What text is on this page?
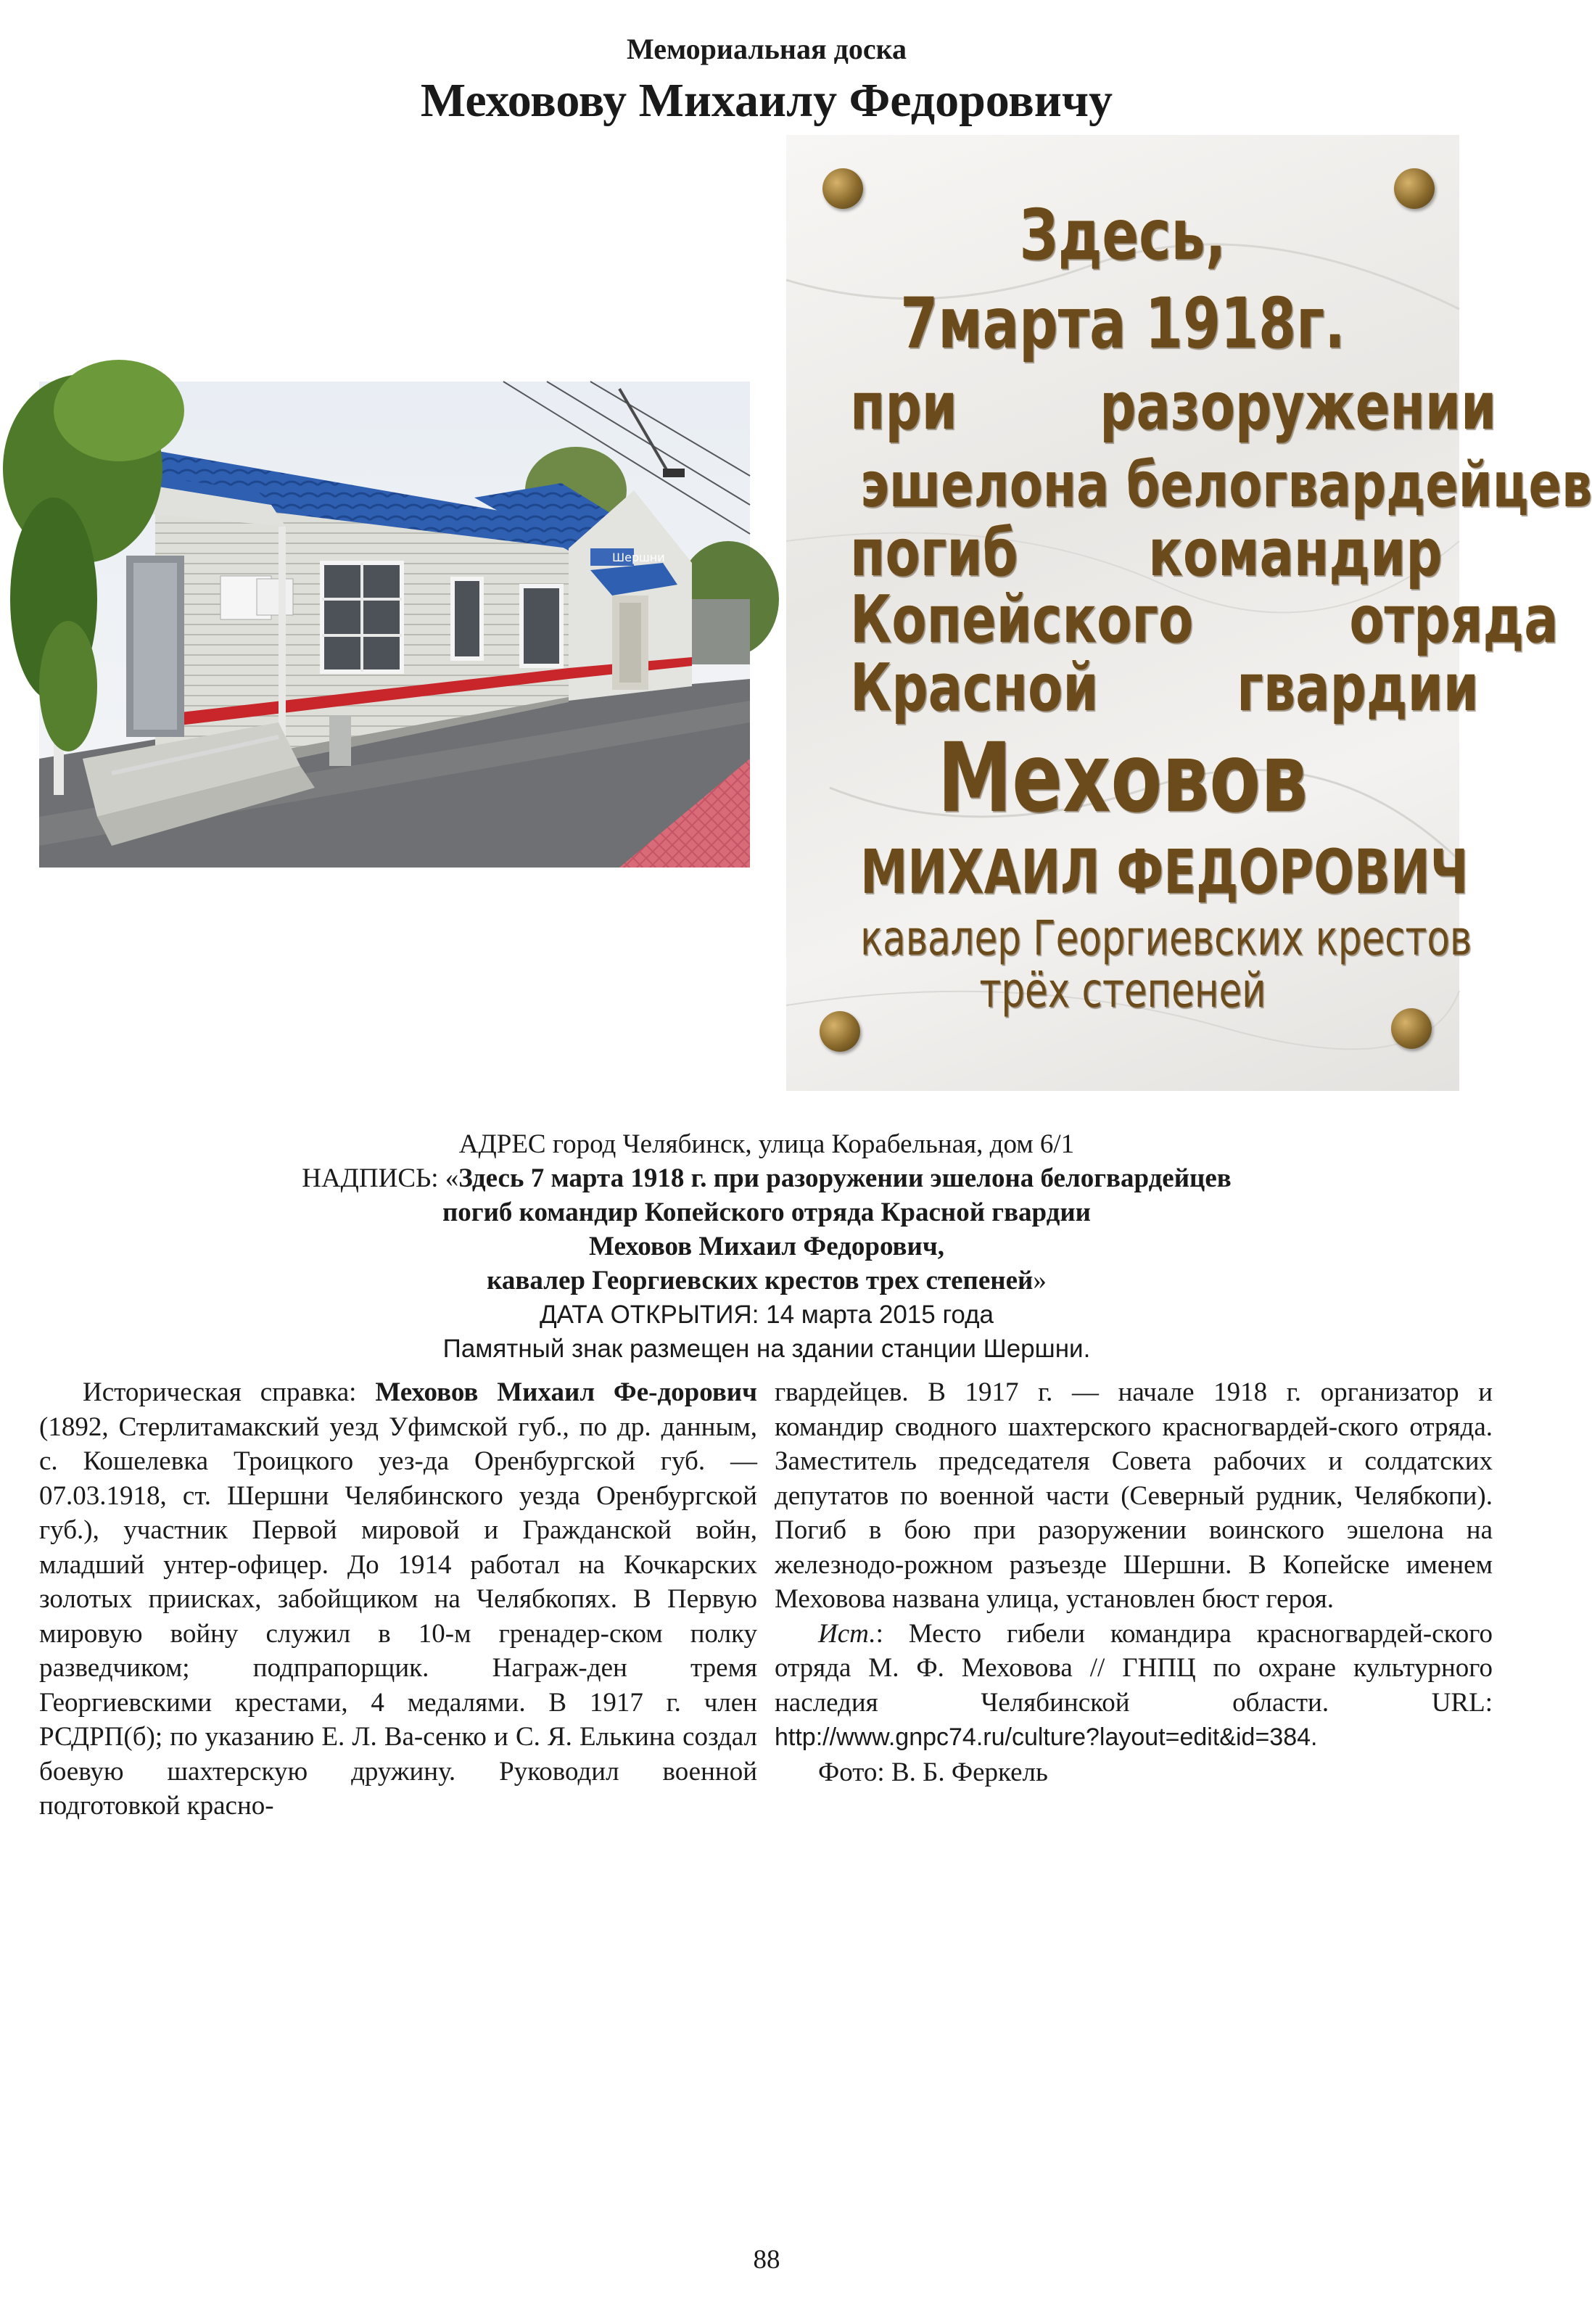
Мемориальная доска
Меховову Михаилу Федоровичу
Шершни
Здесь,
7марта 1918г.
при разоружении
эшелона белогвардейцев
погиб командир
Копейского отряда
Красной гвардии
Меховов
МИХАИЛ ФЕДОРОВИЧ
кавалер Георгиевских крестов
трёх степеней
АДРЕС город Челябинск, улица Корабельная, дом 6/1
НАДПИСЬ: «Здесь 7 марта 1918 г. при разоружении эшелона белогвардейцев
погиб командир Копейского отряда Красной гвардии
Меховов Михаил Федорович,
кавалер Георгиевских крестов трех степеней»
ДАТА ОТКРЫТИЯ: 14 марта 2015 года
Памятный знак размещен на здании станции Шершни.

Историческая справка: Меховов Михаил Фе-дорович (1892, Стерлитамакский уезд Уфимской губ., по др. данным, с. Кошелевка Троицкого уез-да Оренбургской губ. — 07.03.1918, ст. Шершни Челябинского уезда Оренбургской губ.), участник Первой мировой и Гражданской войн, младший унтер-офицер. До 1914 работал на Кочкарских золотых приисках, забойщиком на Челябкопях. В Первую мировую войну служил в 10-м гренадер-ском полку разведчиком; подпрапорщик. Награж-ден тремя Георгиевскими крестами, 4 медалями. В 1917 г. член РСДРП(б); по указанию Е. Л. Ва-сенко и С. Я. Елькина создал боевую шахтерскую дружину. Руководил военной подготовкой красно-

гвардейцев. В 1917 г. — начале 1918 г. организатор и командир сводного шахтерского красногвардей-ского отряда. Заместитель председателя Совета рабочих и солдатских депутатов по военной части (Северный рудник, Челябкопи). Погиб в бою при разоружении воинского эшелона на железнодо-рожном разъезде Шершни. В Копейске именем Меховова названа улица, установлен бюст героя.

Ист.: Место гибели командира красногвардей-ского отряда М. Ф. Меховова // ГНПЦ по охране культурного наследия Челябинской области. URL: http://www.gnpc74.ru/culture?layout=edit&id=384.

Фото: В. Б. Феркель

88
